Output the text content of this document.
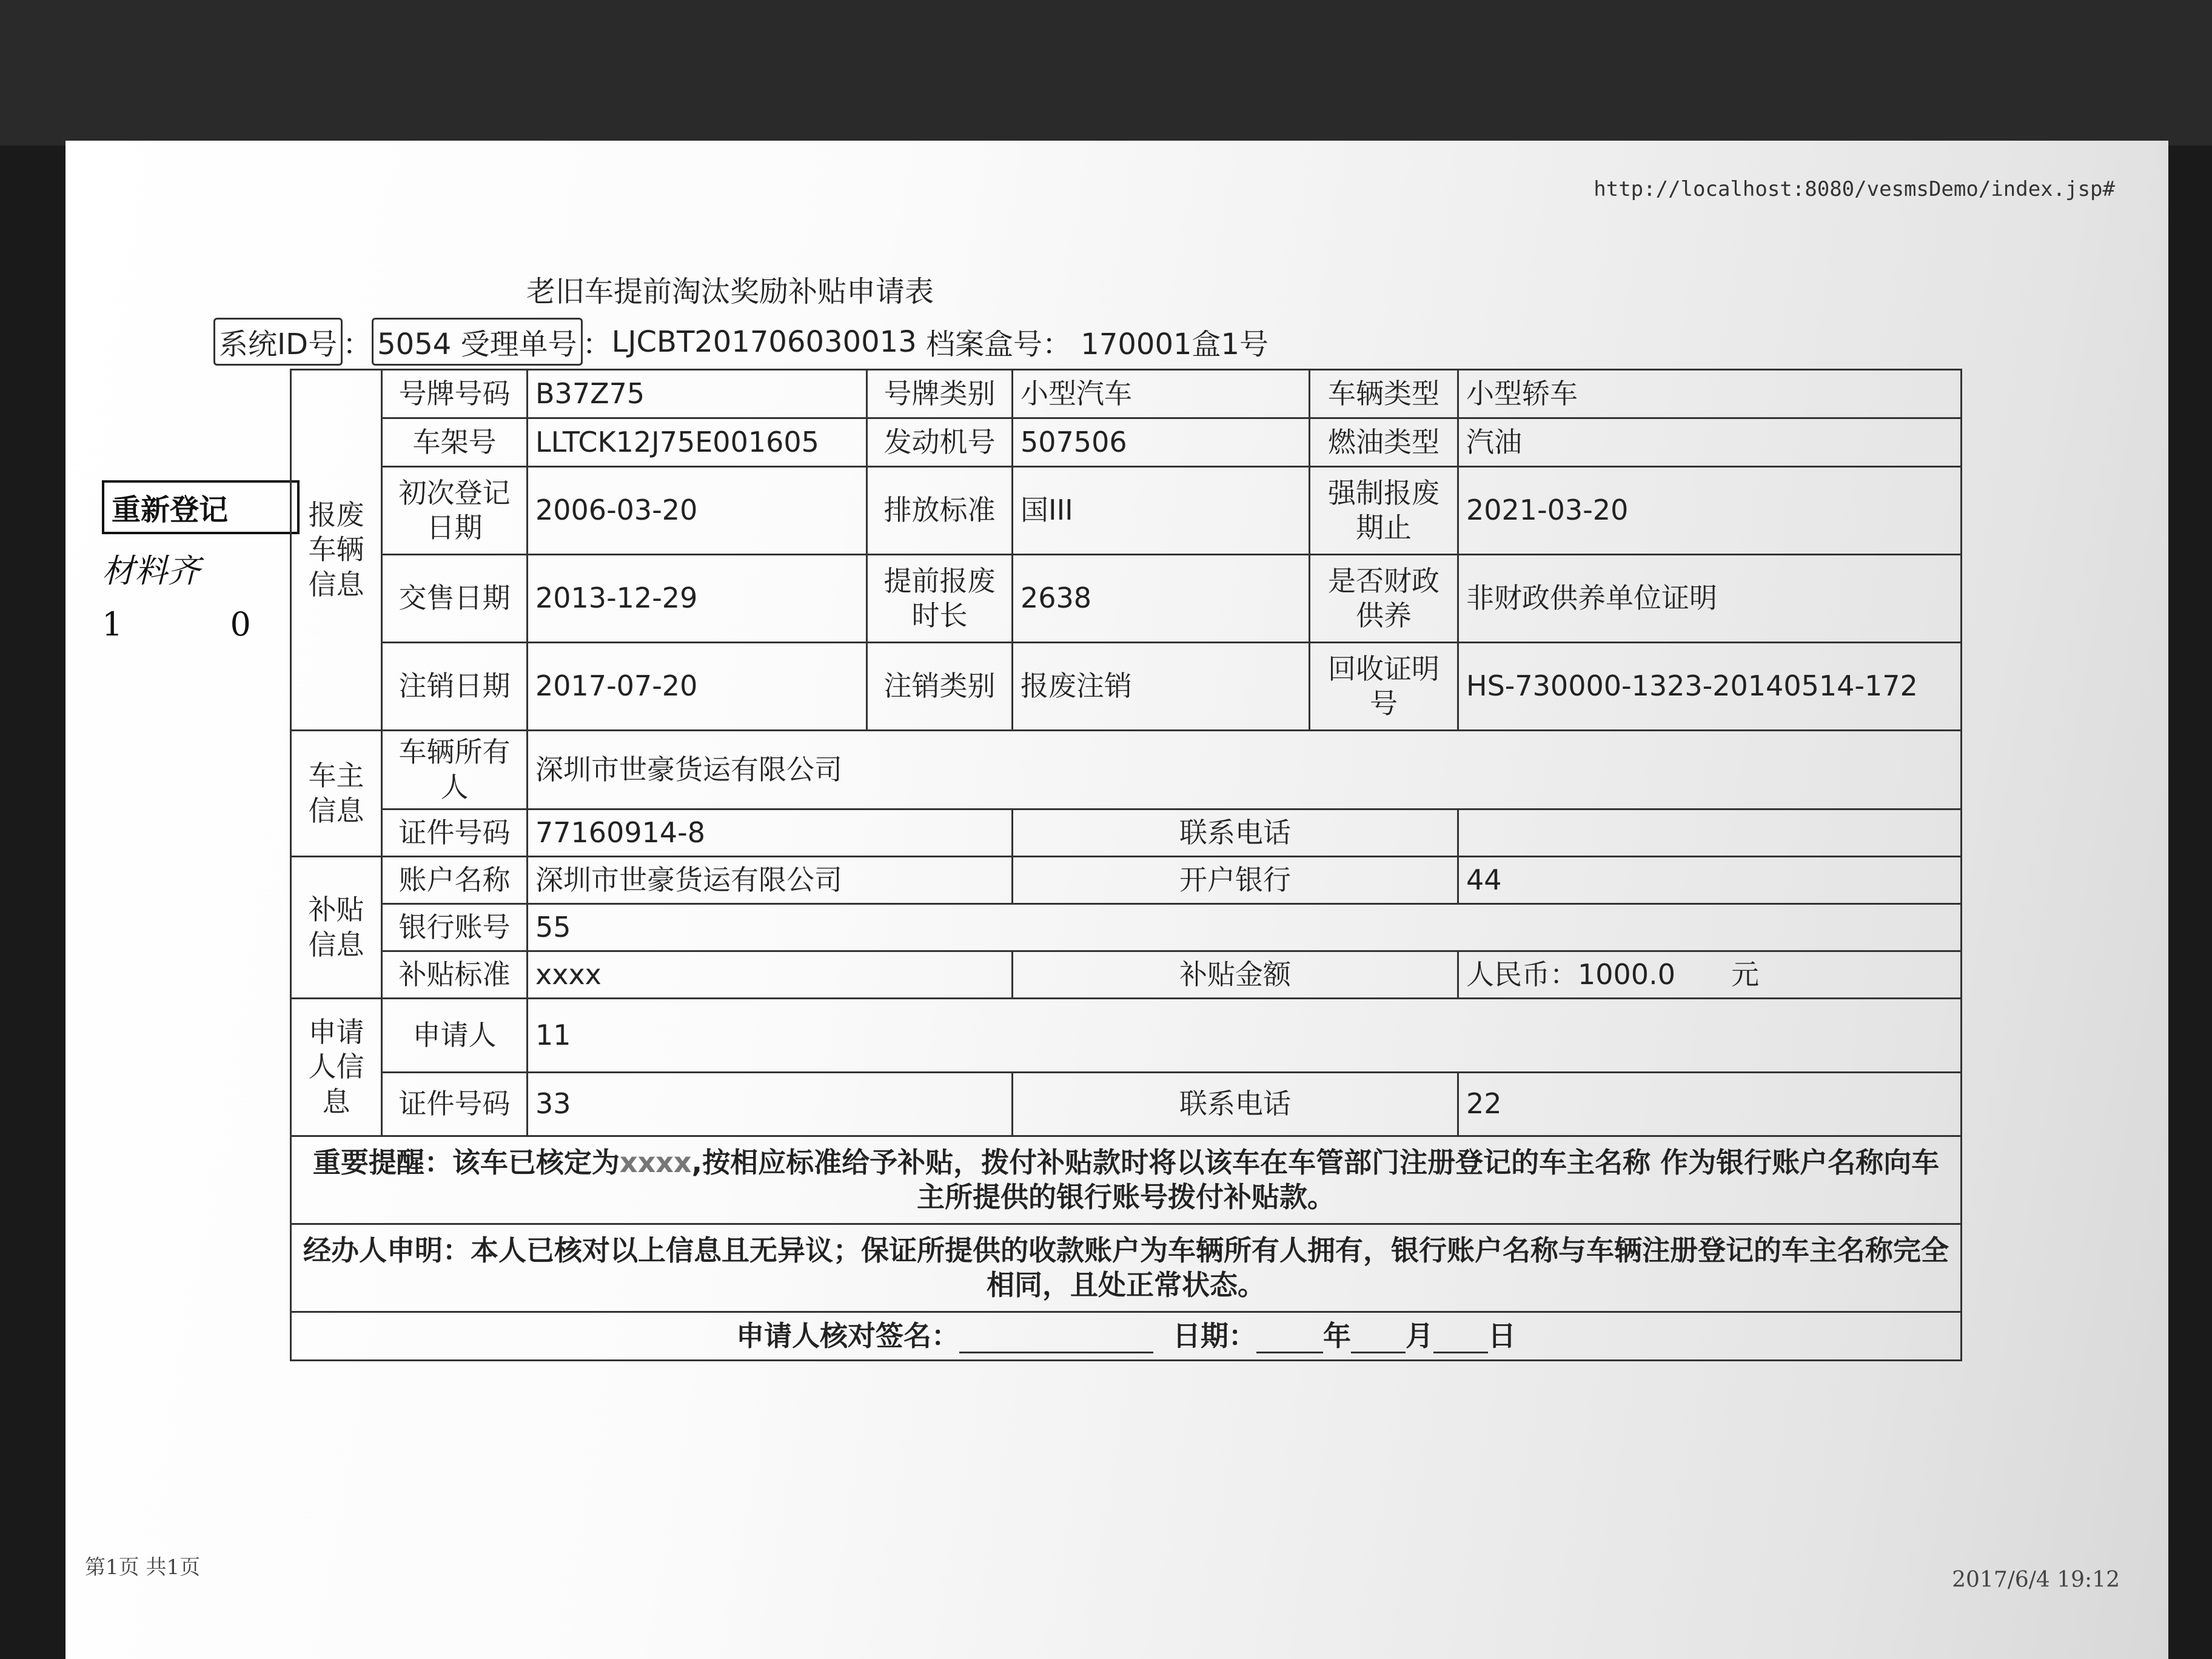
http://localhost:8080/vesmsDemo/index.jsp#
老旧车提前淘汰奖励补贴申请表
系统ID号 ： 5054 受理单号 ： LJCBT201706030013
档案盒号：
170001盒1号
重新登记
材料齐
1 0
报废车辆信息	号牌号码	B37Z75	号牌类别	小型汽车	车辆类型	小型轿车
	车架号	LLTCK12J75E001605	发动机号	507506	燃油类型	汽油
	初次登记日期	2006-03-20	排放标准	国III	强制报废期止	2021-03-20
	交售日期	2013-12-29	提前报废时长	2638	是否财政供养	非财政供养单位证明
	注销日期	2017-07-20	注销类别	报废注销	回收证明号	HS-730000-1323-20140514-172
车主信息	车辆所有人	深圳市世豪货运有限公司				
	证件号码	77160914-8		联系电话		
补贴信息	账户名称	深圳市世豪货运有限公司		开户银行		44
	银行账号	55				
	补贴标准	xxxx		补贴金额		人民币：1000.0　　元
申请人信息	申请人	11				
	证件号码	33		联系电话		22
重要提醒：该车已核定为xxxx,按相应标准给予补贴，拨付补贴款时将以该车在车管部门注册登记的车主名称 作为银行账户名称向车主所提供的银行账号拨付补贴款。						
经办人申明：本人已核对以上信息且无异议；保证所提供的收款账户为车辆所有人拥有，银行账户名称与车辆注册登记的车主名称完全相同，且处正常状态。						
申请人核对签名： 日期： 年 月 日						
第1页 共1页	2017/6/4 19:12
